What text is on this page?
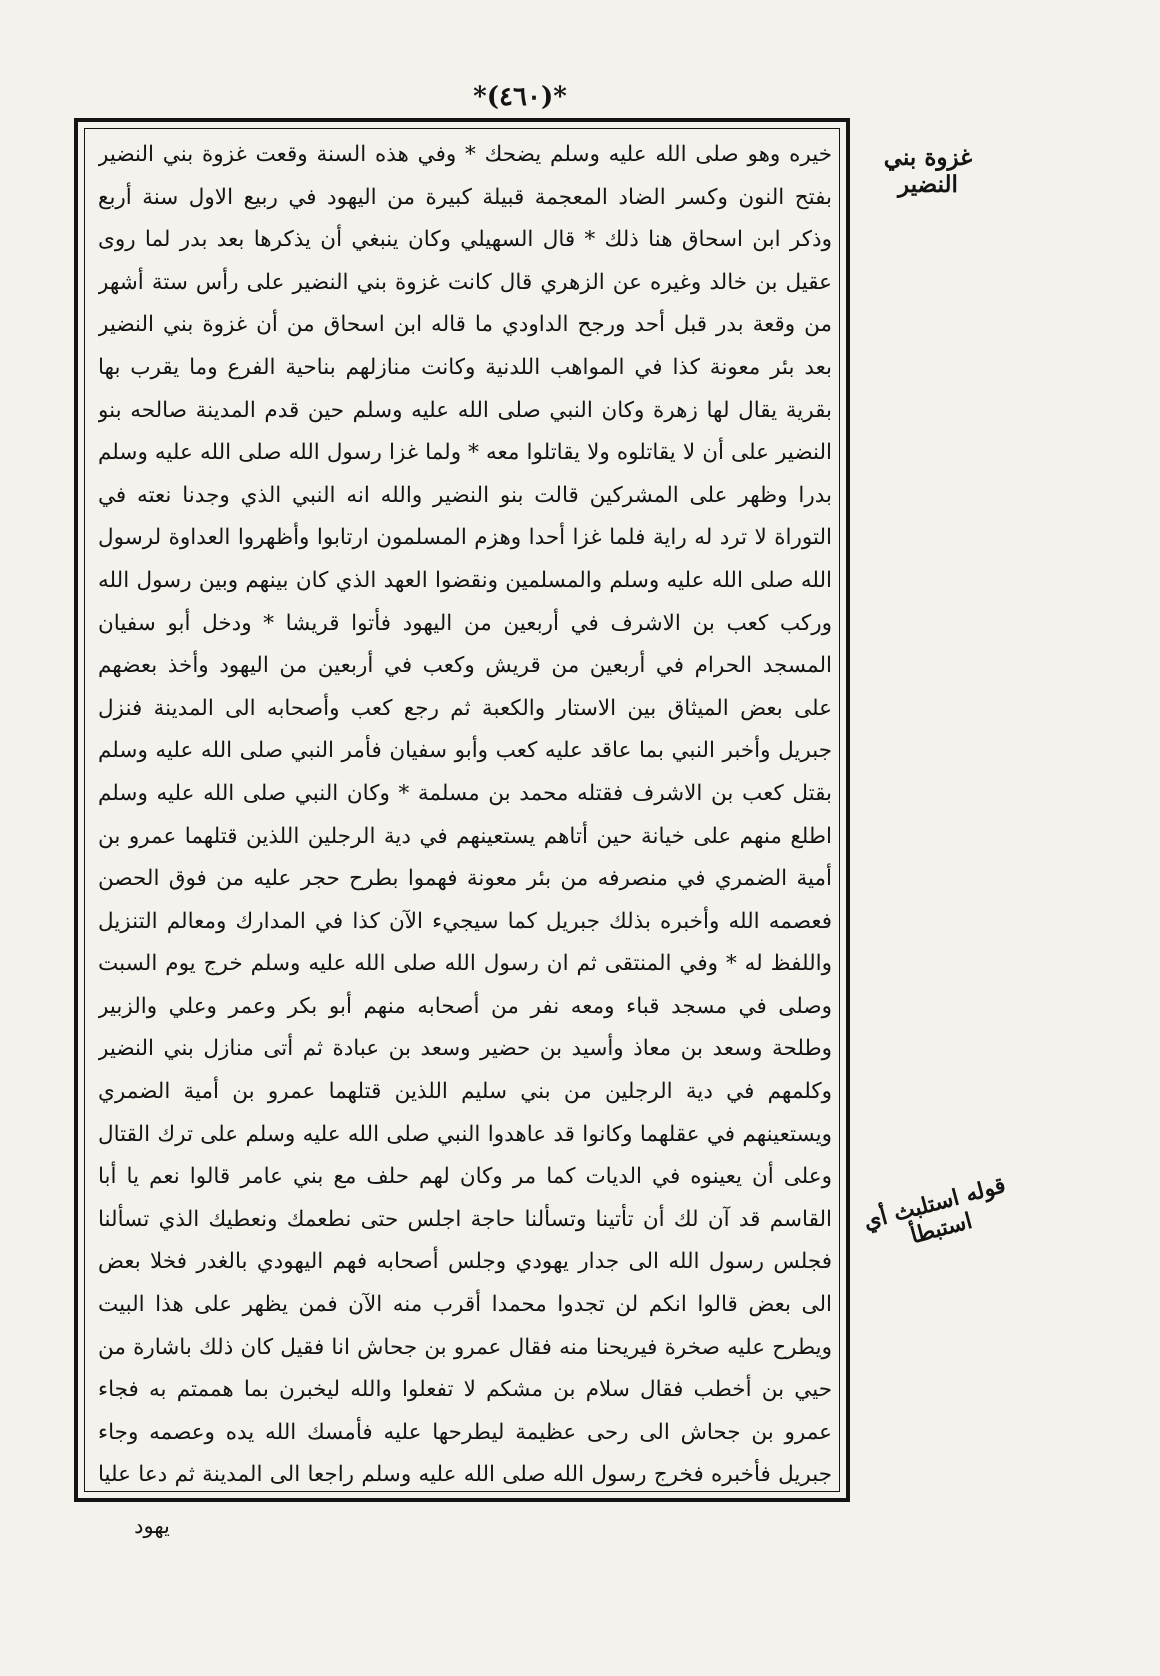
*(٤٦٠)*
غزوة بني النضير

خيره وهو صلى الله عليه وسلم يضحك * وفي هذه السنة وقعت غزوة بني النضير بفتح النون وكسر الضاد المعجمة قبيلة كبيرة من اليهود في ربيع الاول سنة أربع وذكر ابن اسحاق هنا ذلك * قال السهيلي وكان ينبغي أن يذكرها بعد بدر لما روى عقيل بن خالد وغيره عن الزهري قال كانت غزوة بني النضير على رأس ستة أشهر من وقعة بدر قبل أحد ورجح الداودي ما قاله ابن اسحاق من أن غزوة بني النضير بعد بئر معونة كذا في المواهب اللدنية وكانت منازلهم بناحية الفرع وما يقرب بها بقرية يقال لها زهرة وكان النبي صلى الله عليه وسلم حين قدم المدينة صالحه بنو النضير على أن لا يقاتلوه ولا يقاتلوا معه * ولما غزا رسول الله صلى الله عليه وسلم بدرا وظهر على المشركين قالت بنو النضير والله انه النبي الذي وجدنا نعته في التوراة لا ترد له راية فلما غزا أحدا وهزم المسلمون ارتابوا وأظهروا العداوة لرسول الله صلى الله عليه وسلم والمسلمين ونقضوا العهد الذي كان بينهم وبين رسول الله وركب كعب بن الاشرف في أربعين من اليهود فأتوا قريشا * ودخل أبو سفيان المسجد الحرام في أربعين من قريش وكعب في أربعين من اليهود وأخذ بعضهم على بعض الميثاق بين الاستار والكعبة ثم رجع كعب وأصحابه الى المدينة فنزل جبريل وأخبر النبي بما عاقد عليه كعب وأبو سفيان فأمر النبي صلى الله عليه وسلم بقتل كعب بن الاشرف فقتله محمد بن مسلمة * وكان النبي صلى الله عليه وسلم اطلع منهم على خيانة حين أتاهم يستعينهم في دية الرجلين اللذين قتلهما عمرو بن أمية الضمري في منصرفه من بئر معونة فهموا بطرح حجر عليه من فوق الحصن فعصمه الله وأخبره بذلك جبريل كما سيجيء الآن كذا في المدارك ومعالم التنزيل واللفظ له * وفي المنتقى ثم ان رسول الله صلى الله عليه وسلم خرج يوم السبت وصلى في مسجد قباء ومعه نفر من أصحابه منهم أبو بكر وعمر وعلي والزبير وطلحة وسعد بن معاذ وأسيد بن حضير وسعد بن عبادة ثم أتى منازل بني النضير وكلمهم في دية الرجلين من بني سليم اللذين قتلهما عمرو بن أمية الضمري ويستعينهم في عقلهما وكانوا قد عاهدوا النبي صلى الله عليه وسلم على ترك القتال وعلى أن يعينوه في الديات كما مر وكان لهم حلف مع بني عامر قالوا نعم يا أبا القاسم قد آن لك أن تأتينا وتسألنا حاجة اجلس حتى نطعمك ونعطيك الذي تسألنا فجلس رسول الله الى جدار يهودي وجلس أصحابه فهم اليهودي بالغدر فخلا بعض الى بعض قالوا انكم لن تجدوا محمدا أقرب منه الآن فمن يظهر على هذا البيت ويطرح عليه صخرة فيريحنا منه فقال عمرو بن جحاش انا فقيل كان ذلك باشارة من حيي بن أخطب فقال سلام بن مشكم لا تفعلوا والله ليخبرن بما هممتم به فجاء عمرو بن جحاش الى رحى عظيمة ليطرحها عليه فأمسك الله يده وعصمه وجاء جبريل فأخبره فخرج رسول الله صلى الله عليه وسلم راجعا الى المدينة ثم دعا عليا

قوله استلبث أي استبطأ
يهود
